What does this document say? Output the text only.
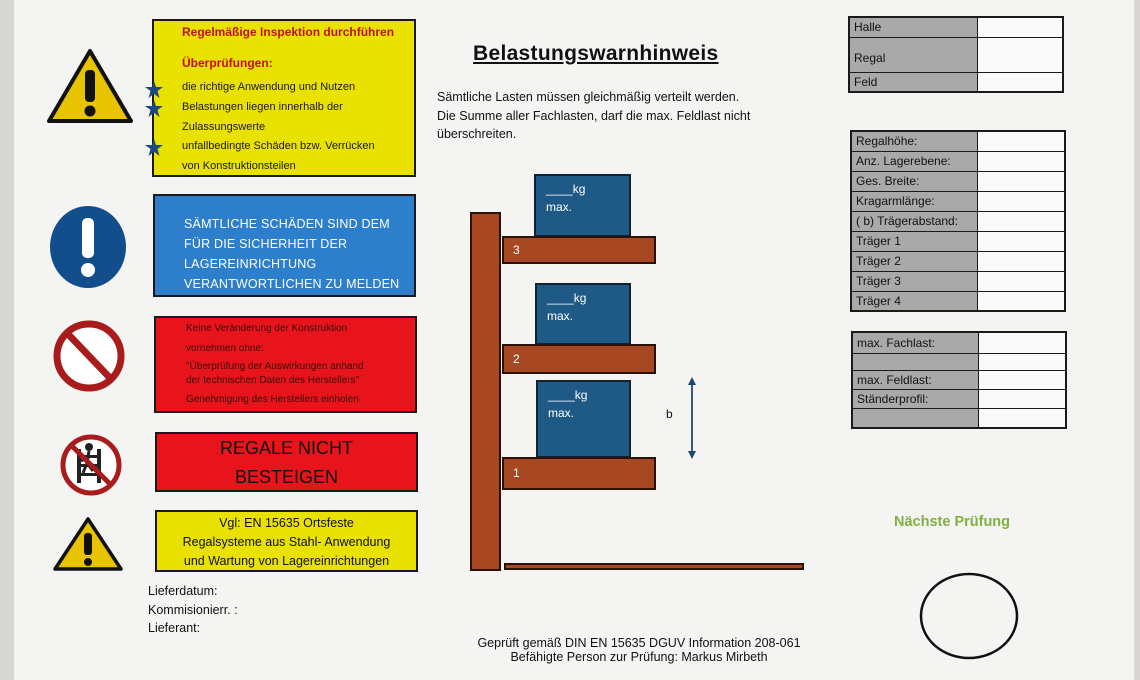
Regelmäßige Inspektion durchführen
Überprüfungen:
die richtige Anwendung und Nutzen
Belastungen liegen innerhalb der
Zulassungswerte
unfallbedingte Schäden bzw. Verrücken
von Konstruktionsteilen
SÄMTLICHE SCHÄDEN SIND DEM
FÜR DIE SICHERHEIT DER
LAGEREINRICHTUNG
VERANTWORTLICHEN ZU MELDEN
Keine Veränderung der Konstruktion
vornehmen ohne:
"Überprüfung der Auswirkungen anhand
der technischen Daten des Herstellers"
Genehmigung des Herstellers einholen
REGALE NICHT
BESTEIGEN
Vgl: EN 15635 Ortsfeste
Regalsysteme aus Stahl- Anwendung
und Wartung von Lagereinrichtungen
Lieferdatum:
Kommisionierr. :
Lieferant:
Belastungswarnhinweis
Sämtliche Lasten müssen gleichmäßig verteilt werden.
Die Summe aller Fachlasten, darf die max. Feldlast nicht
überschreiten.
____kg
max.
3
____kg
max.
2
____kg
max.
1
b
Geprüft gemäß DIN EN 15635 DGUV Information 208-061
Befähigte Person zur Prüfung: Markus Mirbeth
Halle	
Regal	
Feld	
Regalhöhe:	
Anz. Lagerebene:	
Ges. Breite:	
Kragarmlänge:	
( b) Trägerabstand:	
Träger 1	
Träger 2	
Träger 3	
Träger 4	
max. Fachlast:	

max. Feldlast:	
Ständerprofil:	

Nächste Prüfung
